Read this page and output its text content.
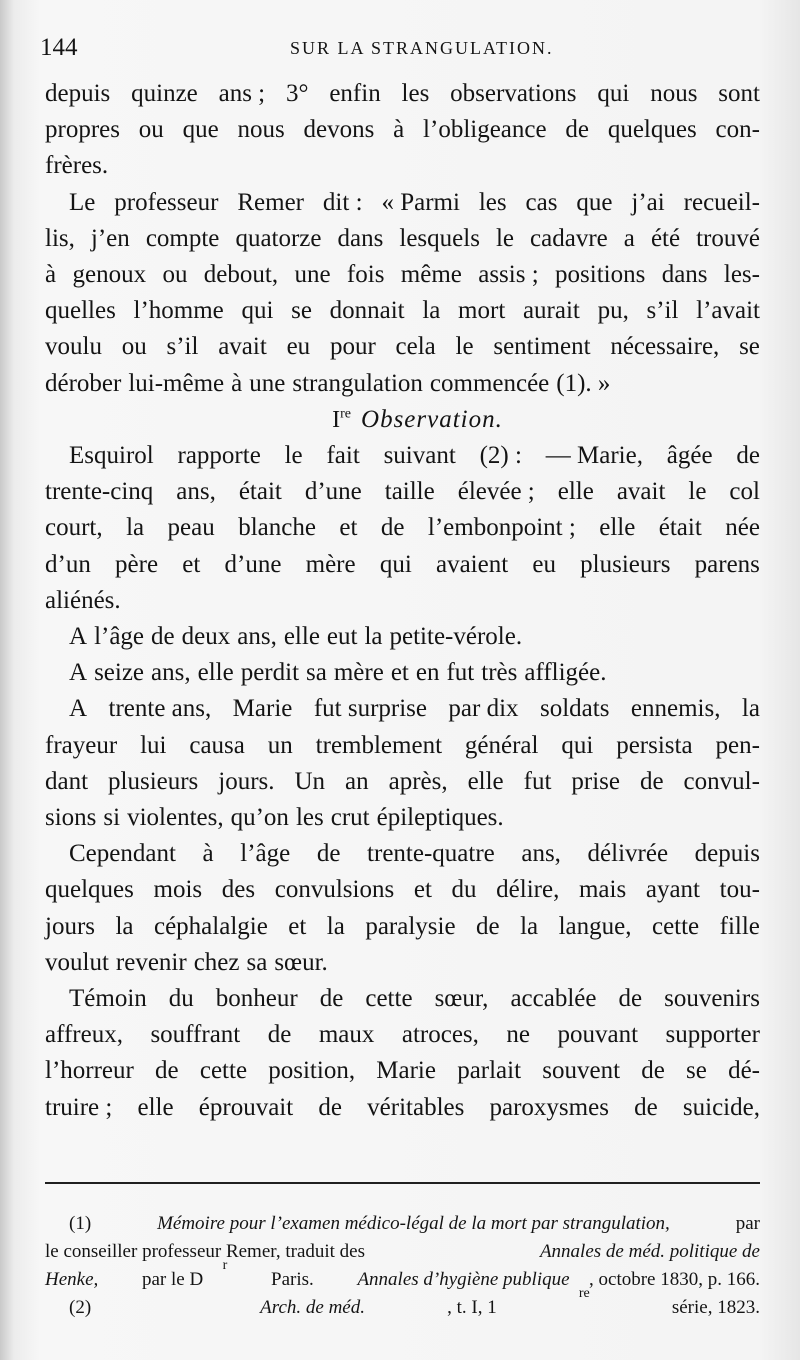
144	SUR LA STRANGULATION.
depuis quinze ans ; 3° enfin les observations qui nous sont
propres ou que nous devons à l’obligeance de quelques con-
frères.
Le professeur Remer dit : « Parmi les cas que j’ai recueil-
lis, j’en compte quatorze dans lesquels le cadavre a été trouvé
à genoux ou debout, une fois même assis ; positions dans les-
quelles l’homme qui se donnait la mort aurait pu, s’il l’avait
voulu ou s’il avait eu pour cela le sentiment nécessaire, se
dérober lui-même à une strangulation commencée (1). »
Ire Observation.
Esquirol rapporte le fait suivant (2) : — Marie, âgée de
trente-cinq ans, était d’une taille élevée ; elle avait le col
court, la peau blanche et de l’embonpoint ; elle était née
d’un père et d’une mère qui avaient eu plusieurs parens
aliénés.
A l’âge de deux ans, elle eut la petite-vérole.
A seize ans, elle perdit sa mère et en fut très affligée.
A trente ans, Marie fut surprise par dix soldats ennemis, la
frayeur lui causa un tremblement général qui persista pen-
dant plusieurs jours. Un an après, elle fut prise de convul-
sions si violentes, qu’on les crut épileptiques.
Cependant à l’âge de trente-quatre ans, délivrée depuis
quelques mois des convulsions et du délire, mais ayant tou-
jours la céphalalgie et la paralysie de la langue, cette fille
voulut revenir chez sa sœur.
Témoin du bonheur de cette sœur, accablée de souvenirs
affreux, souffrant de maux atroces, ne pouvant supporter
l’horreur de cette position, Marie parlait souvent de se dé-
truire ; elle éprouvait de véritables paroxysmes de suicide,
(1)
	Mémoire pour l’examen médico-légal de la mort par strangulation,
	par
le conseiller professeur Remer, traduit des
	Annales de méd. politique de
Henke,
par le D
r

Paris.
Annales d’hygiène publique , octobre 1830, p. 166.
(2)
	Arch. de méd.	, t. I, 1
re
série, 1823.
